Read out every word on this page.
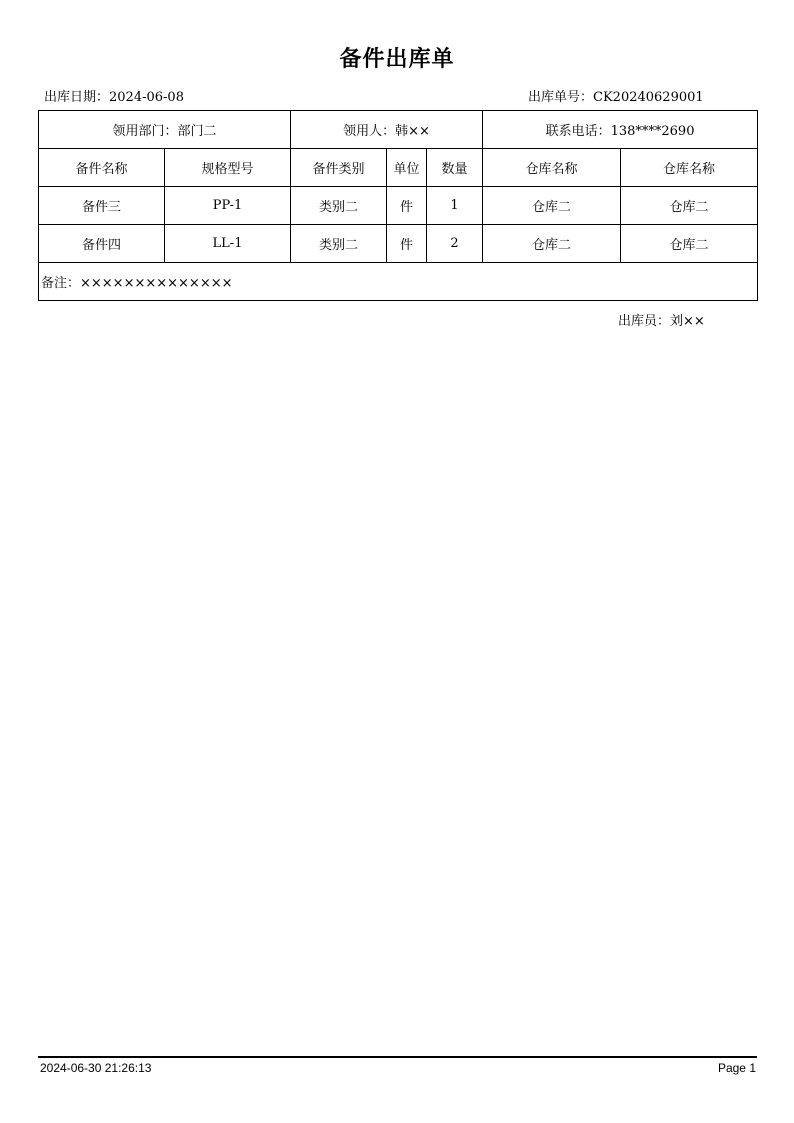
备件出库单
出库日期：2024-06-08	出库单号：CK20240629001
领用部门：部门二		领用人：韩××			联系电话：138****2690	
备件名称	规格型号	备件类别	单位	数量	仓库名称	仓库名称
备件三	PP-1	类别二	件	1	仓库二	仓库二
备件四	LL-1	类别二	件	2	仓库二	仓库二
备注：××××××××××××××						
出库员：刘××
2024-06-30 21:26:13	Page 1
